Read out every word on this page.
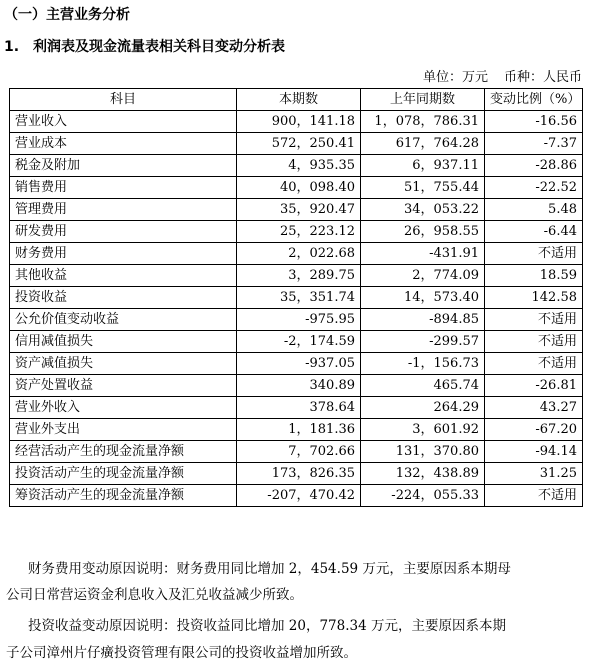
（一）主营业务分析
1.　利润表及现金流量表相关科目变动分析表
单位：万元 币种：人民币
科目	本期数	上年同期数	变动比例（%）
营业收入	900，141.18	1，078，786.31	-16.56
营业成本	572，250.41	617，764.28	-7.37
税金及附加	4，935.35	6，937.11	-28.86
销售费用	40，098.40	51，755.44	-22.52
管理费用	35，920.47	34，053.22	5.48
研发费用	25，223.12	26，958.55	-6.44
财务费用	2，022.68	-431.91	不适用
其他收益	3，289.75	2，774.09	18.59
投资收益	35，351.74	14，573.40	142.58
公允价值变动收益	-975.95	-894.85	不适用
信用减值损失	-2，174.59	-299.57	不适用
资产减值损失	-937.05	-1，156.73	不适用
资产处置收益	340.89	465.74	-26.81
营业外收入	378.64	264.29	43.27
营业外支出	1，181.36	3，601.92	-67.20
经营活动产生的现金流量净额	7，702.66	131，370.80	-94.14
投资活动产生的现金流量净额	173，826.35	132，438.89	31.25
筹资活动产生的现金流量净额	-207，470.42	-224，055.33	不适用
财务费用变动原因说明：财务费用同比增加 2，454.59 万元，主要原因系本期母
公司日常营运资金利息收入及汇兑收益减少所致。
投资收益变动原因说明：投资收益同比增加 20，778.34 万元，主要原因系本期
子公司漳州片仔癀投资管理有限公司的投资收益增加所致。
